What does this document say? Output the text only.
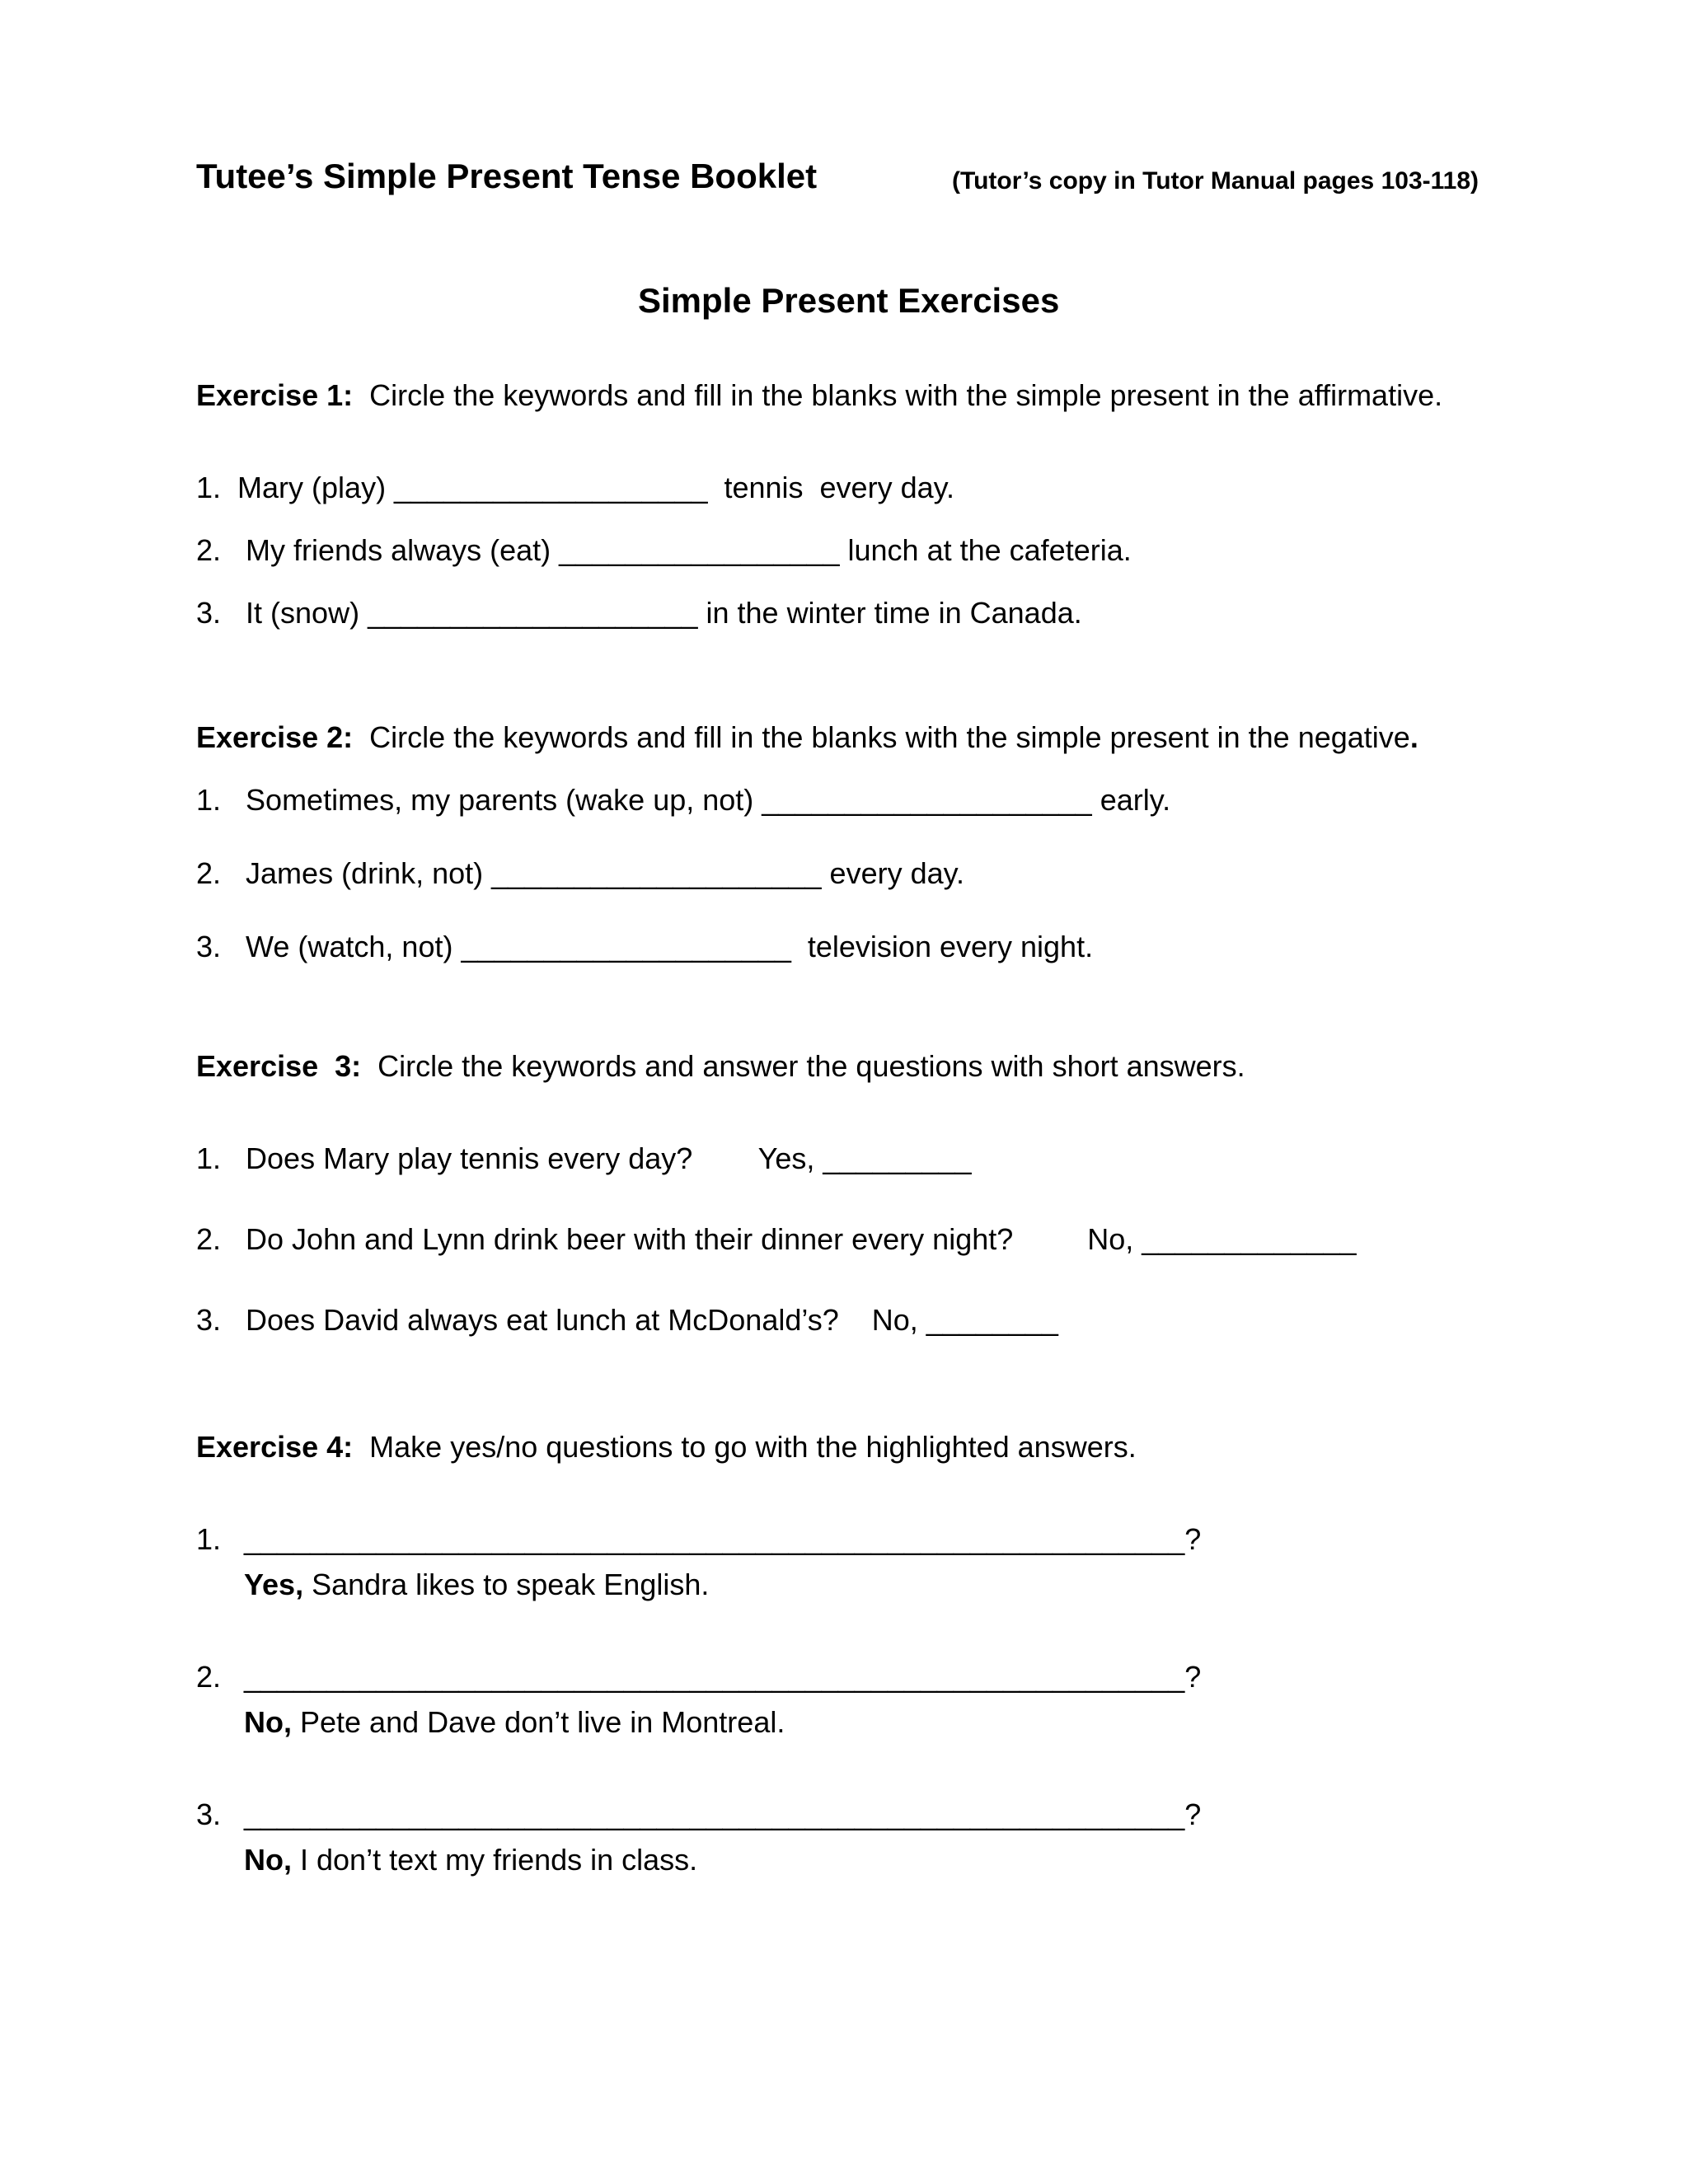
Tutee’s Simple Present Tense Booklet	(Tutor’s copy in Tutor Manual pages 103-118)
Simple Present Exercises
Exercise 1:  Circle the keywords and fill in the blanks with the simple present in the affirmative.
1.  Mary (play) ___________________  tennis  every day.
2.   My friends always (eat) _________________ lunch at the cafeteria.
3.   It (snow) ____________________ in the winter time in Canada.
Exercise 2:  Circle the keywords and fill in the blanks with the simple present in the negative.
1.   Sometimes, my parents (wake up, not) ____________________ early.
2.   James (drink, not) ____________________ every day.
3.   We (watch, not) ____________________  television every night.
Exercise  3:  Circle the keywords and answer the questions with short answers.
1.   Does Mary play tennis every day?        Yes, _________
2.   Do John and Lynn drink beer with their dinner every night?         No, _____________
3.   Does David always eat lunch at McDonald’s?    No, ________
Exercise 4:  Make yes/no questions to go with the highlighted answers.
1. _________________________________________________________?
Yes, Sandra likes to speak English.
2. _________________________________________________________?
No, Pete and Dave don’t live in Montreal.
3. _________________________________________________________?
No, I don’t text my friends in class.
